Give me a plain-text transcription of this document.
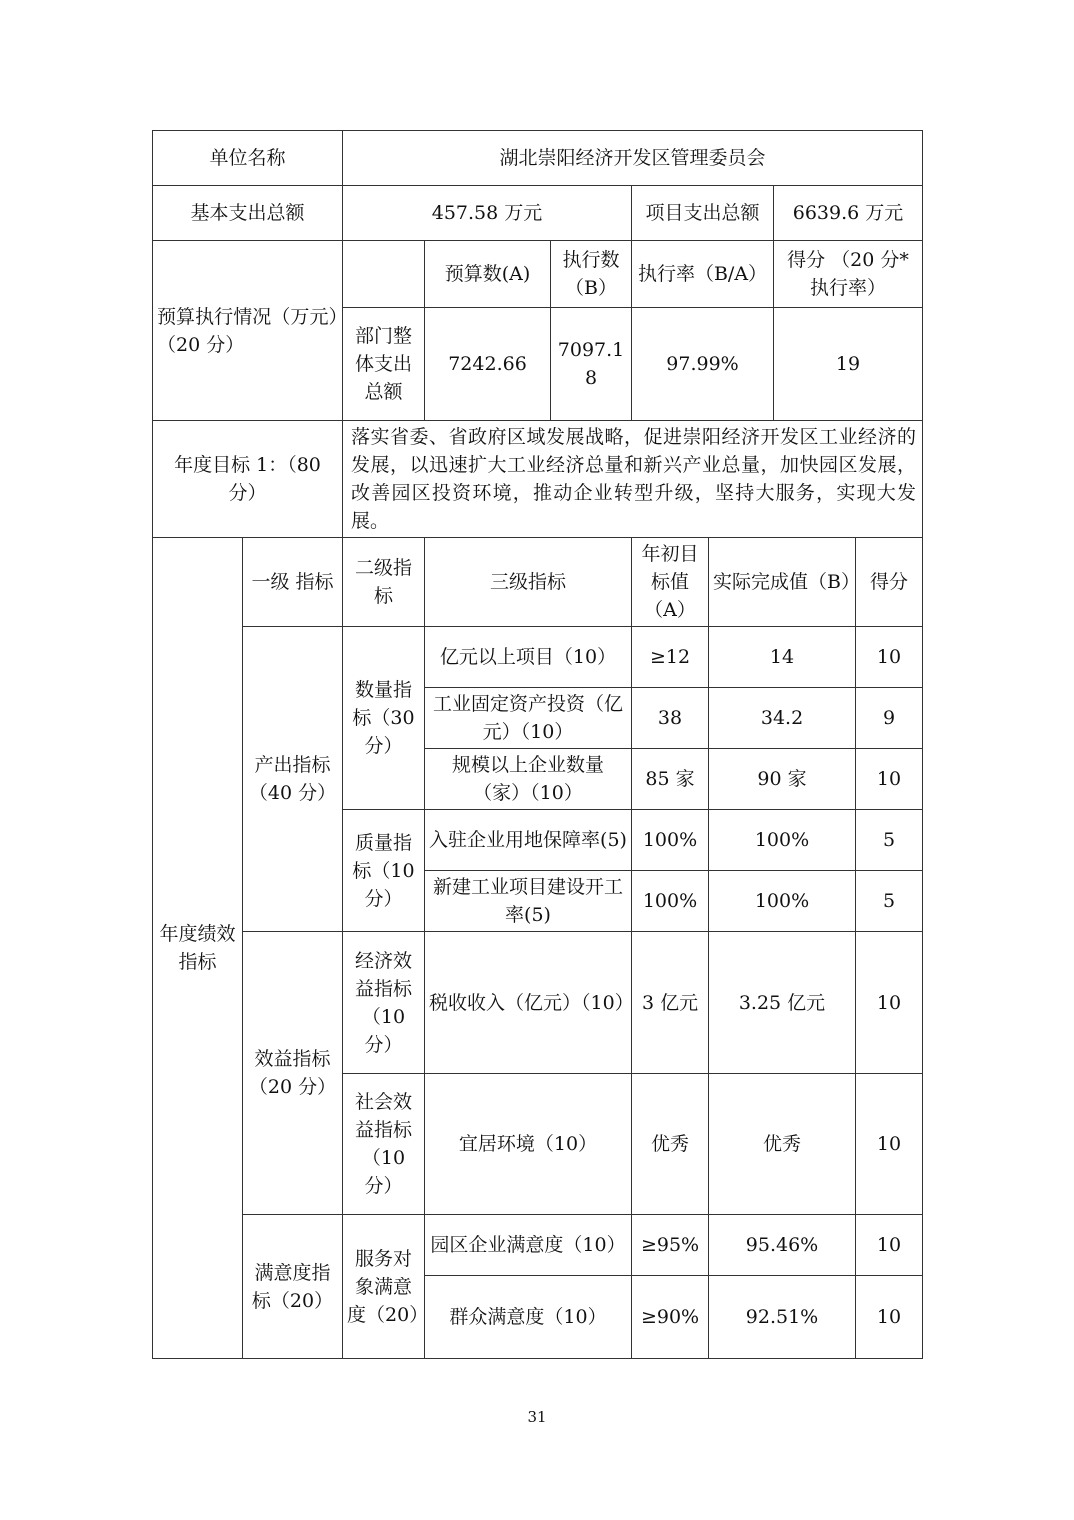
单位名称		湖北崇阳经济开发区管理委员会						
基本支出总额		457.58 万元			项目支出总额		6639.6 万元	
预算执行情况（万元）　　（20 分）			预算数(A)	执行数（B）	执行率（B/A）		得分 （20 分*执行率）	
		部门整体支出总额	7242.66	7097.18	97.99%		19	
年度目标 1：（80 分）		落实省委、省政府区域发展战略，促进崇阳经济开发区工业经济的发展，以迅速扩大工业经济总量和新兴产业总量，加快园区发展，改善园区投资环境，推动企业转型升级，坚持大服务，实现大发展。						
年度绩效指标	一级 指标	二级指标	三级指标		年初目标值（A）	实际完成值（B）		得分
	产出指标（40 分）	数量指标（30 分）	亿元以上项目（10）		≥12	14		10
			工业固定资产投资（亿元）（10）		38	34.2		9
			规模以上企业数量（家）（10）		85 家	90 家		10
		质量指标（10 分）	入驻企业用地保障率(5)		100%	100%		5
			新建工业项目建设开工率(5)		100%	100%		5
	效益指标（20 分）	经济效益指标（10 分）	税收收入（亿元）（10）		3 亿元	3.25 亿元		10
		社会效益指标（10 分）	宜居环境（10）		优秀	优秀		10
	满意度指标（20）	服务对象满意度（20）	园区企业满意度（10）		≥95%	95.46%		10
			群众满意度（10）		≥90%	92.51%		10
31
